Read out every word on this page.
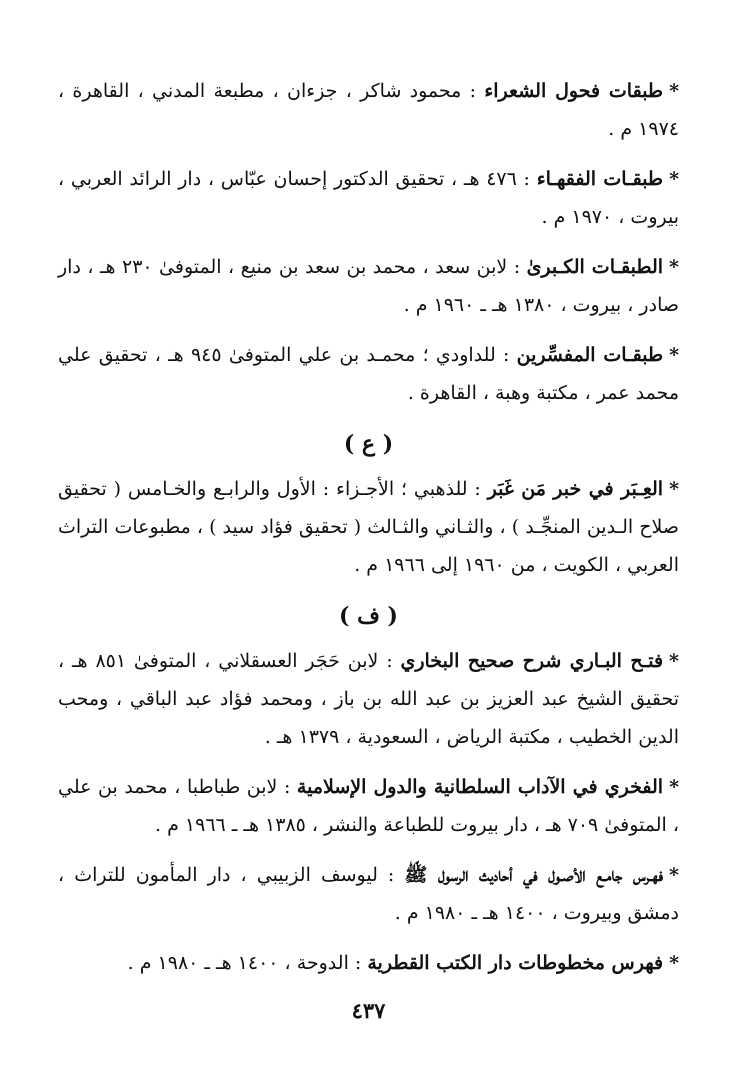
*طبقات فحول الشعراء : محمود شاكر ، جزءان ، مطبعة المدني ، القاهرة ، ١٩٧٤ م .

*طبقـات الفقهـاء : ٤٧٦ هـ ، تحقيق الدكتور إحسان عبّاس ، دار الرائد العربي ، بيروت ، ١٩٧٠ م .

*الطبقـات الكـبرىٰ : لابن سعد ، محمد بن سعد بن منيع ، المتوفىٰ ٢٣٠ هـ ، دار صادر ، بيروت ، ١٣٨٠ هـ ـ ١٩٦٠ م .

*طبقـات المفسِّرين : للداودي ؛ محمـد بن علي المتوفىٰ ٩٤٥ هـ ، تحقيق علي محمد عمر ، مكتبة وهبة ، القاهرة .

( ع )

*العِـبَر في خبر مَن غَبَر : للذهبي ؛ الأجـزاء : الأول والرابـع والخـامس ( تحقيق صلاح الـدين المنجِّـد ) ، والثـاني والثـالث ( تحقيق فؤاد سيد ) ، مطبوعات التراث العربي ، الكويت ، من ١٩٦٠ إلى ١٩٦٦ م .

( ف )

*فتـح البـاري شرح صحيح البخاري : لابن حَجَر العسقلاني ، المتوفىٰ ٨٥١ هـ ، تحقيق الشيخ عبد العزيز بن عبد الله بن باز ، ومحمد فؤاد عبد الباقي ، ومحب الدين الخطيب ، مكتبة الرياض ، السعودية ، ١٣٧٩ هـ .

*الفخري في الآداب السلطانية والدول الإسلامية : لابن طباطبا ، محمد بن علي ، المتوفىٰ ٧٠٩ هـ ، دار بيروت للطباعة والنشر ، ١٣٨٥ هـ ـ ١٩٦٦ م .

*فهـرس جامـع الأصـول في أحاديث الرسول ﷺ : ليوسف الزبيبي ، دار المأمون للتراث ، دمشق وبيروت ، ١٤٠٠ هـ ـ ١٩٨٠ م .

*فهرس مخطوطات دار الكتب القطرية : الدوحة ، ١٤٠٠ هـ ـ ١٩٨٠ م .

٤٣٧
